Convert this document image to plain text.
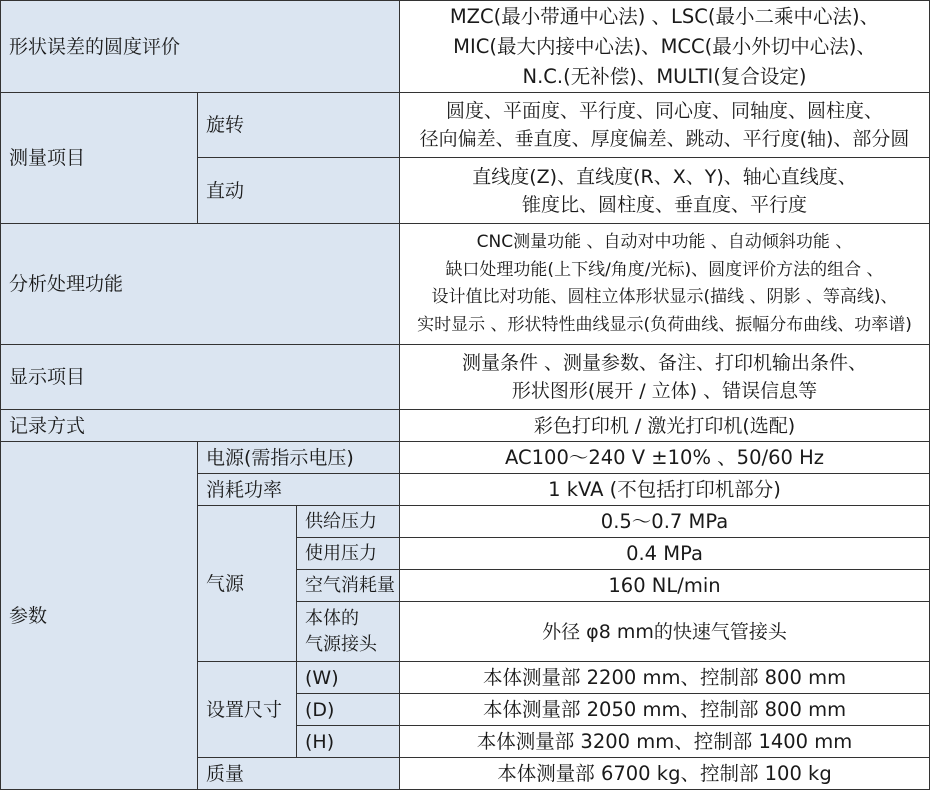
形状误差的圆度评价			MZC(最小带通中心法) 、LSC(最小二乘中心法)、
MIC(最大内接中心法)、MCC(最小外切中心法)、
N.C.(无补偿)、MULTI(复合设定)

测量项目	旋转		圆度、平面度、平行度、同心度、同轴度、圆柱度、
径向偏差、垂直度、厚度偏差、跳动、平行度(轴)、部分圆

	直动		直线度(Z)、直线度(R、X、Y)、轴心直线度、
锥度比、圆柱度、垂直度、平行度

分析处理功能			CNC测量功能 、自动对中功能 、自动倾斜功能 、
缺口处理功能(上下线/角度/光标)、圆度评价方法的组合 、
设计值比对功能、圆柱立体形状显示(描线 、阴影 、等高线)、
实时显示 、形状特性曲线显示(负荷曲线、振幅分布曲线、功率谱)

显示项目			测量条件 、测量参数、备注、打印机输出条件、
形状图形(展开 / 立体) 、错误信息等

记录方式			彩色打印机 / 激光打印机(选配)
参数	电源(需指示电压)		AC100～240 V ±10% 、50/60 Hz
	消耗功率		1 kVA (不包括打印机部分)
	气源	供给压力	0.5～0.7 MPa
		使用压力	0.4 MPa
		空气消耗量	160 NL/min

		本体的
气源接头	外径 φ8 mm的快速气管接头
	设置尺寸	(W)	本体测量部 2200 mm、控制部 800 mm
		(D)	本体测量部 2050 mm、控制部 800 mm
		(H)	本体测量部 3200 mm、控制部 1400 mm
	质量		本体测量部 6700 kg、控制部 100 kg
